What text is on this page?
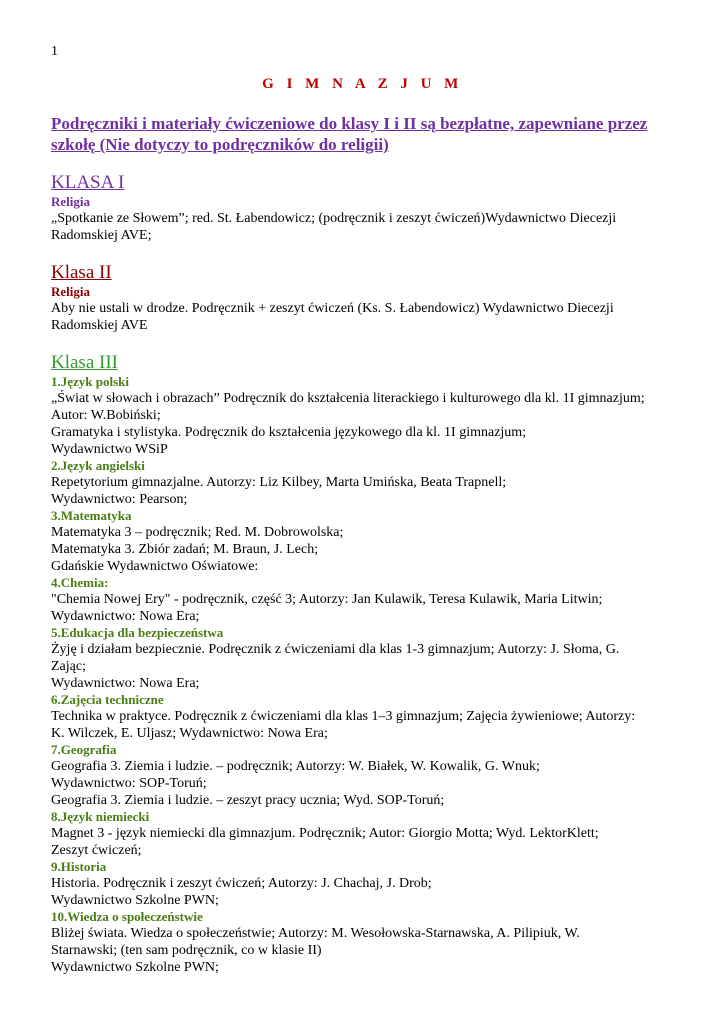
1
G I M N A Z J U M
Podręczniki i materiały ćwiczeniowe do klasy I i II są bezpłatne, zapewniane przez szkołę (Nie dotyczy to podręczników do religii)
KLASA I
Religia
„Spotkanie ze Słowem”; red. St. Łabendowicz; (podręcznik i zeszyt ćwiczeń)Wydawnictwo Diecezji
Radomskiej AVE;
Klasa II
Religia
Aby nie ustali w drodze. Podręcznik + zeszyt ćwiczeń (Ks. S. Łabendowicz) Wydawnictwo Diecezji
Radomskiej AVE
Klasa III
1.Język polski
„Świat w słowach i obrazach” Podręcznik do kształcenia literackiego i kulturowego dla kl. 1I gimnazjum;
Autor: W.Bobiński;
Gramatyka i stylistyka. Podręcznik do kształcenia językowego dla kl. 1I gimnazjum;
Wydawnictwo WSiP
2.Język angielski
Repetytorium gimnazjalne. Autorzy: Liz Kilbey, Marta Umińska, Beata Trapnell;
Wydawnictwo: Pearson;
3.Matematyka
Matematyka 3 – podręcznik; Red. M. Dobrowolska;
Matematyka 3. Zbiór zadań; M. Braun, J. Lech;
Gdańskie Wydawnictwo Oświatowe:
4.Chemia:
"Chemia Nowej Ery" - podręcznik, część 3; Autorzy: Jan Kulawik, Teresa Kulawik, Maria Litwin;
Wydawnictwo: Nowa Era;
5.Edukacja dla bezpieczeństwa
Żyję i działam bezpiecznie. Podręcznik z ćwiczeniami dla klas 1-3 gimnazjum; Autorzy: J. Słoma, G.
Zając;
Wydawnictwo: Nowa Era;
6.Zajęcia techniczne
Technika w praktyce. Podręcznik z ćwiczeniami dla klas 1–3 gimnazjum; Zajęcia żywieniowe; Autorzy:
K. Wilczek, E. Uljasz; Wydawnictwo: Nowa Era;
7.Geografia
Geografia 3. Ziemia i ludzie. – podręcznik; Autorzy: W. Białek, W. Kowalik, G. Wnuk;
Wydawnictwo: SOP-Toruń;
Geografia 3. Ziemia i ludzie. – zeszyt pracy ucznia; Wyd. SOP-Toruń;
8.Język niemiecki
Magnet 3 - język niemiecki dla gimnazjum. Podręcznik; Autor: Giorgio Motta; Wyd. LektorKlett;
Zeszyt ćwiczeń;
9.Historia
Historia. Podręcznik i zeszyt ćwiczeń; Autorzy: J. Chachaj, J. Drob;
Wydawnictwo Szkolne PWN;
10.Wiedza o społeczeństwie
Bliżej świata. Wiedza o społeczeństwie; Autorzy: M. Wesołowska-Starnawska, A. Pilipiuk, W.
Starnawski; (ten sam podręcznik, co w klasie II)
Wydawnictwo Szkolne PWN;
